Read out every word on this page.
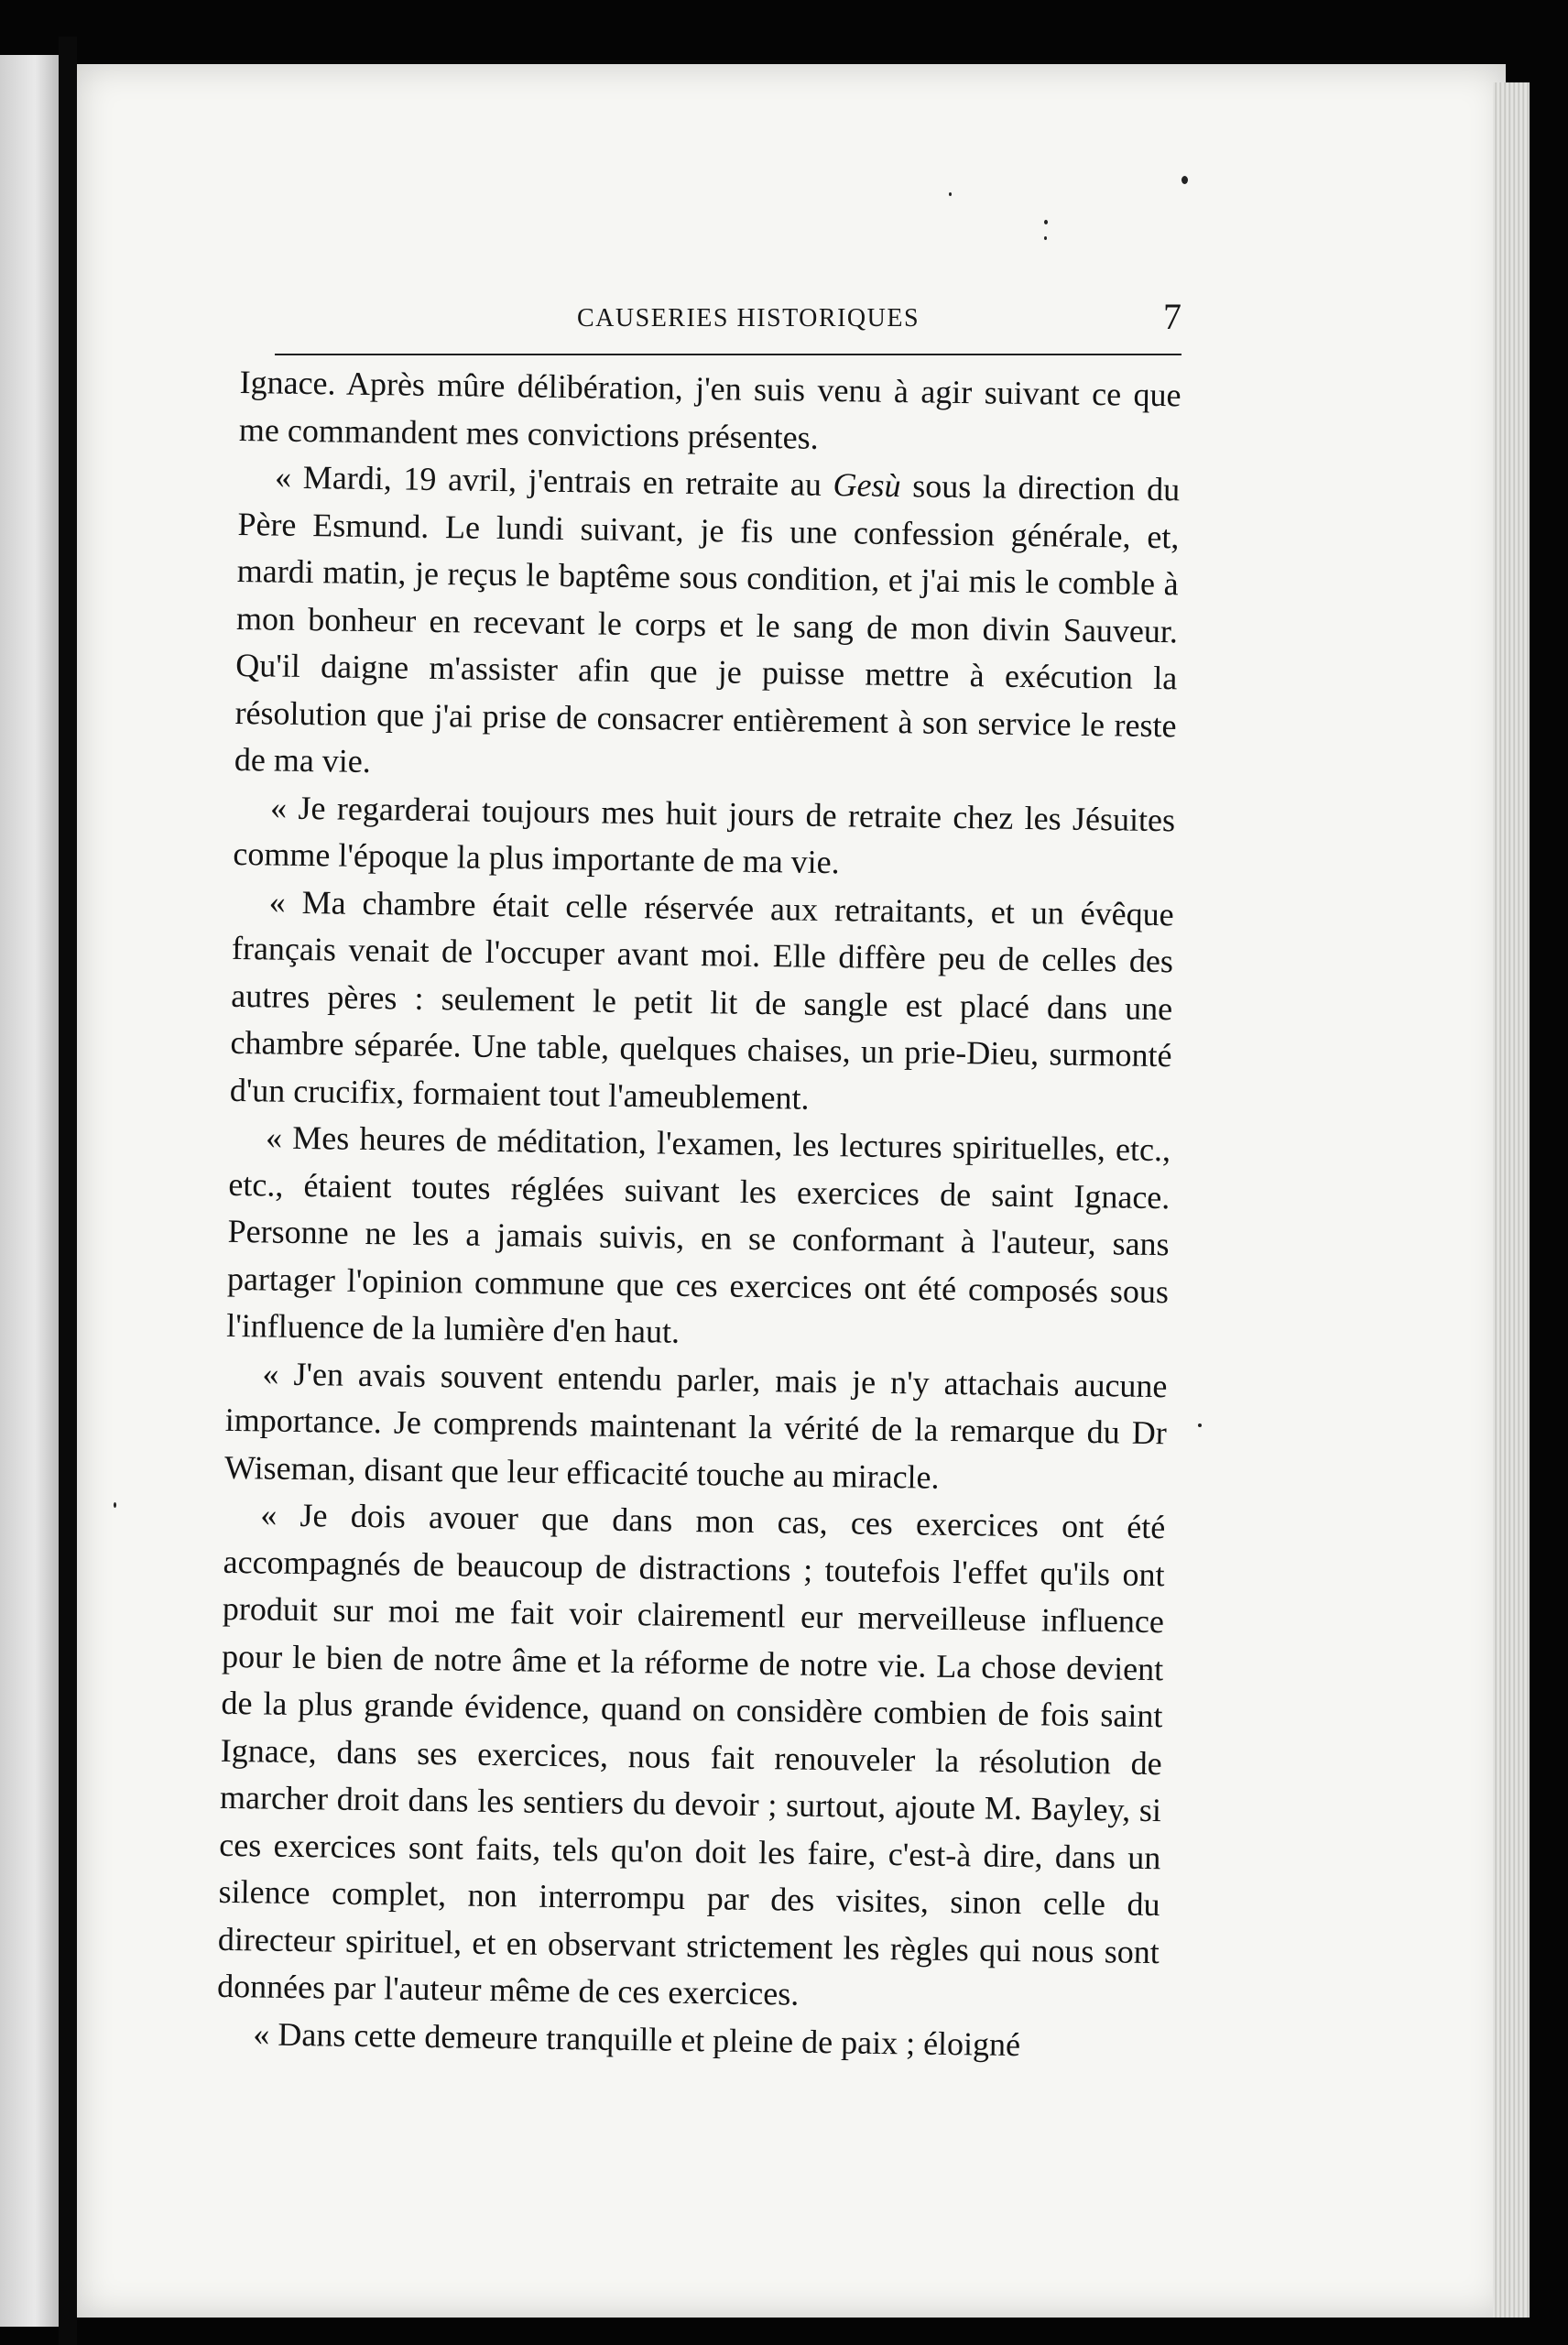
CAUSERIES HISTORIQUES	7

Ignace. Après mûre délibération, j'en suis venu à agir suivant ce que me commandent mes convictions présentes.

« Mardi, 19 avril, j'entrais en retraite au Gesù sous la direction du Père Esmund. Le lundi suivant, je fis une confession générale, et, mardi matin, je reçus le baptême sous condition, et j'ai mis le comble à mon bonheur en recevant le corps et le sang de mon divin Sauveur. Qu'il daigne m'assister afin que je puisse mettre à exécution la résolution que j'ai prise de consacrer entièrement à son service le reste de ma vie.

« Je regarderai toujours mes huit jours de retraite chez les Jésuites comme l'époque la plus importante de ma vie.

« Ma chambre était celle réservée aux retraitants, et un évêque français venait de l'occuper avant moi. Elle diffère peu de celles des autres pères : seulement le petit lit de sangle est placé dans une chambre séparée. Une table, quelques chaises, un prie-Dieu, surmonté d'un crucifix, formaient tout l'ameublement.

« Mes heures de méditation, l'examen, les lectures spirituelles, etc., etc., étaient toutes réglées suivant les exercices de saint Ignace. Personne ne les a jamais suivis, en se conformant à l'auteur, sans partager l'opinion commune que ces exercices ont été composés sous l'influence de la lumière d'en haut.

« J'en avais souvent entendu parler, mais je n'y attachais aucune importance. Je comprends maintenant la vérité de la remarque du Dr Wiseman, disant que leur efficacité touche au miracle.

« Je dois avouer que dans mon cas, ces exercices ont été accompagnés de beaucoup de distractions ; toutefois l'effet qu'ils ont produit sur moi me fait voir clairementl eur merveilleuse influence pour le bien de notre âme et la réforme de notre vie. La chose devient de la plus grande évidence, quand on considère combien de fois saint Ignace, dans ses exercices, nous fait renouveler la résolution de marcher droit dans les sentiers du devoir ; surtout, ajoute M. Bayley, si ces exercices sont faits, tels qu'on doit les faire, c'est-à dire, dans un silence complet, non interrompu par des visites, sinon celle du directeur spirituel, et en observant strictement les règles qui nous sont données par l'auteur même de ces exercices.

« Dans cette demeure tranquille et pleine de paix ; éloigné
